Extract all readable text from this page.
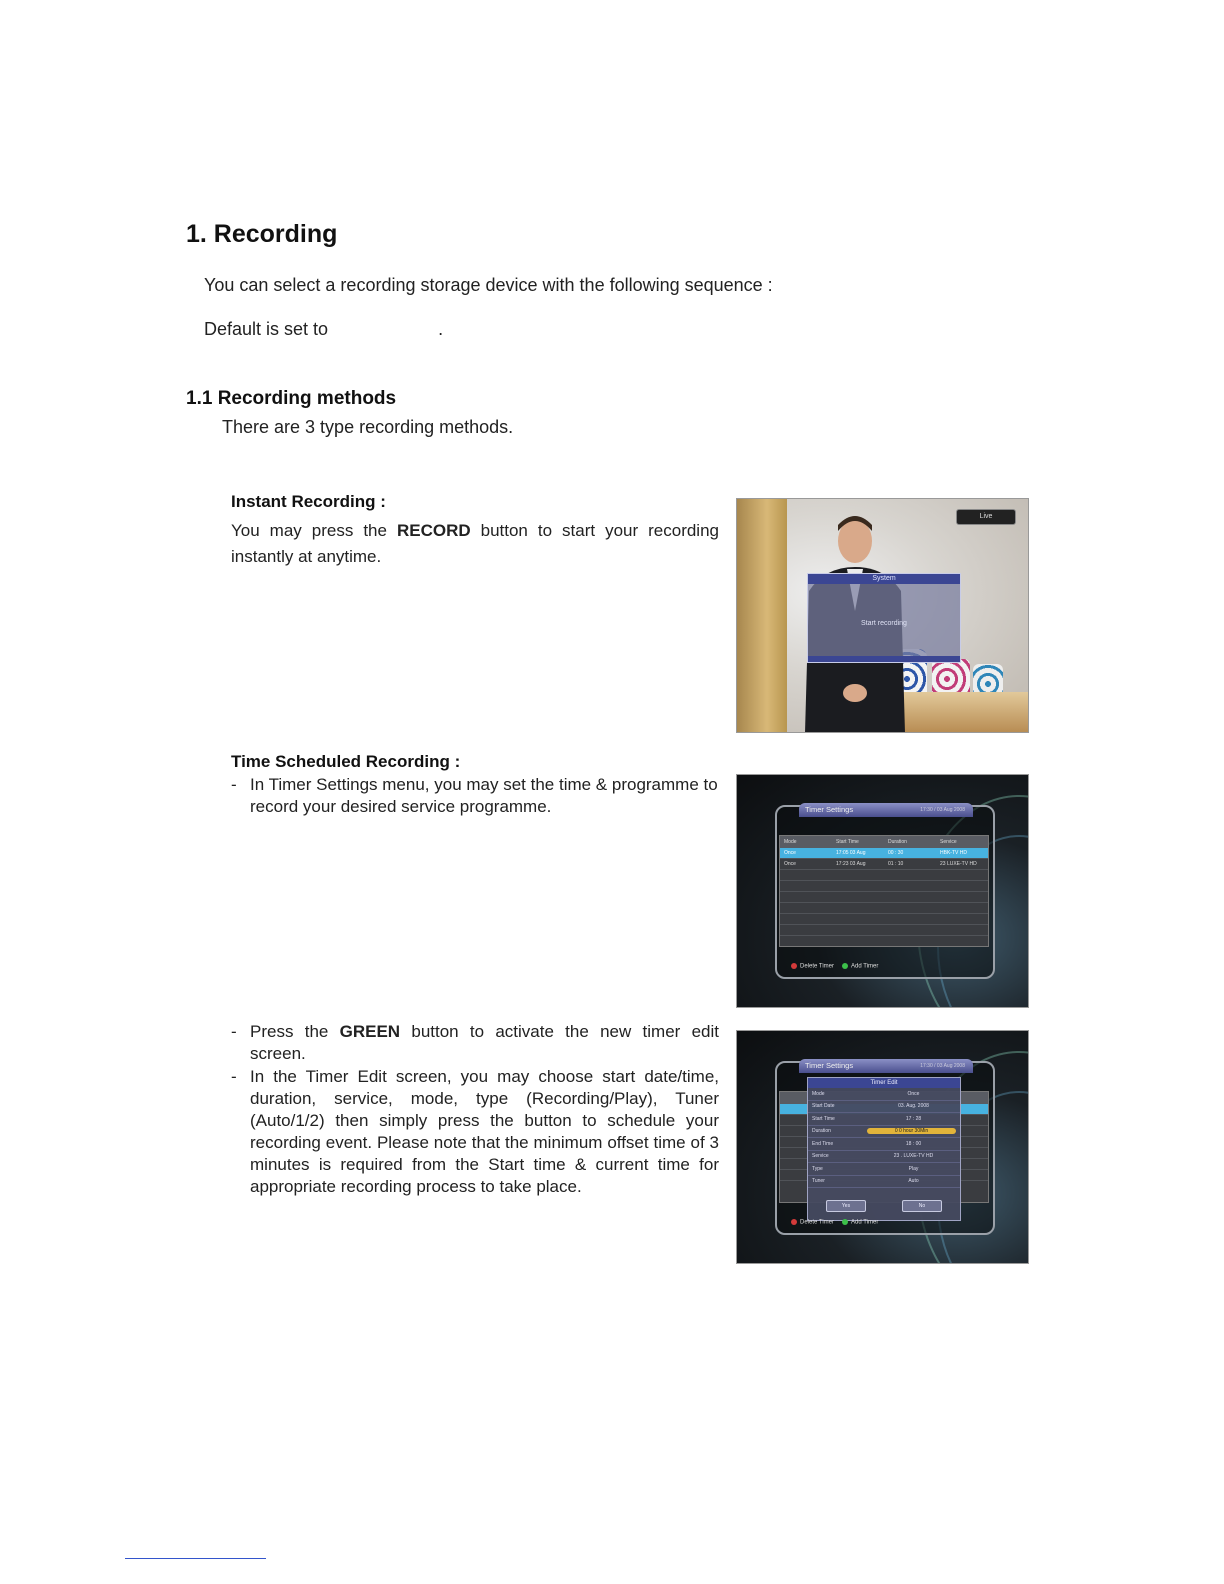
1. Recording
You can select a recording storage device with the following sequence :
Default is set to	.
1.1 Recording methods
There are 3 type recording methods.
Instant Recording :
You may press the RECORD button to start your recording instantly at anytime.
Live
System
Start recording
Time Scheduled Recording :
- In Timer Settings menu, you may set the time & programme to record your desired service programme.	Timer Settings	17:30 / 03 Aug 2008
Mode	Start Time	Duration	Service
Once	17:05 03 Aug	00 : 30	HBK-TV HD
Once	17:23 03 Aug	01 : 10	23 LUXE-TV HD
Delete Timer	Add Timer
- Press the GREEN button to activate the new timer edit screen.
- In the Timer Edit screen, you may choose start date/time, duration, service, mode, type (Recording/Play), Tuner (Auto/1/2) then simply press the button to schedule your recording event. Please note that the minimum offset time of 3 minutes is required from the Start time & current time for appropriate recording process to take place.
Timer Settings	17:30 / 03 Aug 2008
Timer Edit
Mode	Once
Start Date	03. Aug. 2008
Start Time	17 : 28
Duration	0 0 hour 30Min
End Time	18 : 00
Service	23 . LUXE-TV HD
Type	Play
Tuner	Auto
Yes	No
Delete Timer	Add Timer
